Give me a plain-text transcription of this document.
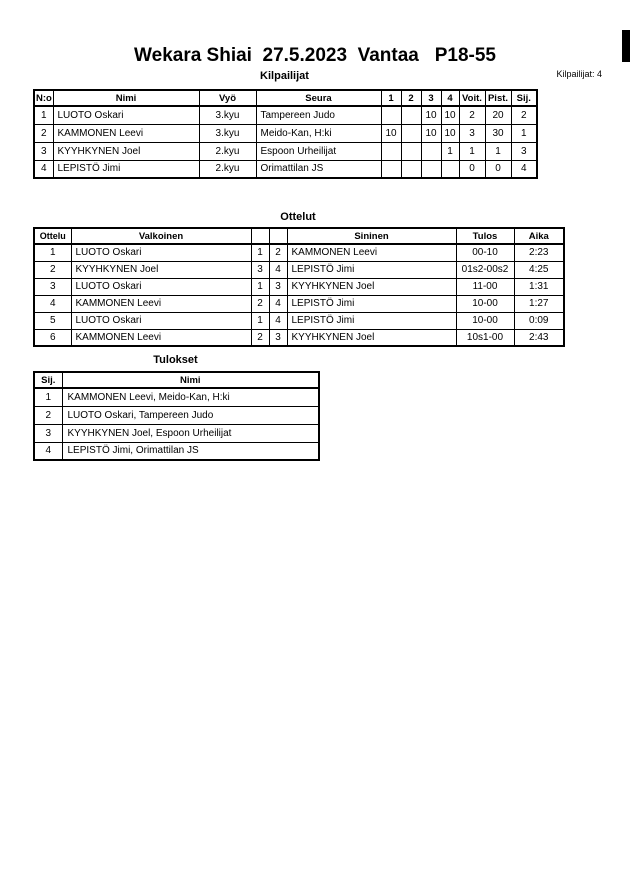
Wekara Shiai  27.5.2023  Vantaa   P18-55
Kilpailijat: 4
Kilpailijat
N:o	Nimi	Vyö	Seura	1	2	3	4	Voit.	Pist.	Sij.
1	LUOTO Oskari	3.kyu	Tampereen Judo			10	10	2	20	2
2	KAMMONEN Leevi	3.kyu	Meido-Kan, H:ki	10		10	10	3	30	1
3	KYYHKYNEN Joel	2.kyu	Espoon Urheilijat				1	1	1	3
4	LEPISTÖ Jimi	2.kyu	Orimattilan JS					0	0	4
Ottelut
Ottelu	Valkoinen			Sininen	Tulos	Aika
1	LUOTO Oskari	1	2	KAMMONEN Leevi	00-10	2:23
2	KYYHKYNEN Joel	3	4	LEPISTÖ Jimi	01s2-00s2	4:25
3	LUOTO Oskari	1	3	KYYHKYNEN Joel	11-00	1:31
4	KAMMONEN Leevi	2	4	LEPISTÖ Jimi	10-00	1:27
5	LUOTO Oskari	1	4	LEPISTÖ Jimi	10-00	0:09
6	KAMMONEN Leevi	2	3	KYYHKYNEN Joel	10s1-00	2:43
Tulokset
Sij.	Nimi
1	KAMMONEN Leevi, Meido-Kan, H:ki
2	LUOTO Oskari, Tampereen Judo
3	KYYHKYNEN Joel, Espoon Urheilijat
4	LEPISTÖ Jimi, Orimattilan JS
